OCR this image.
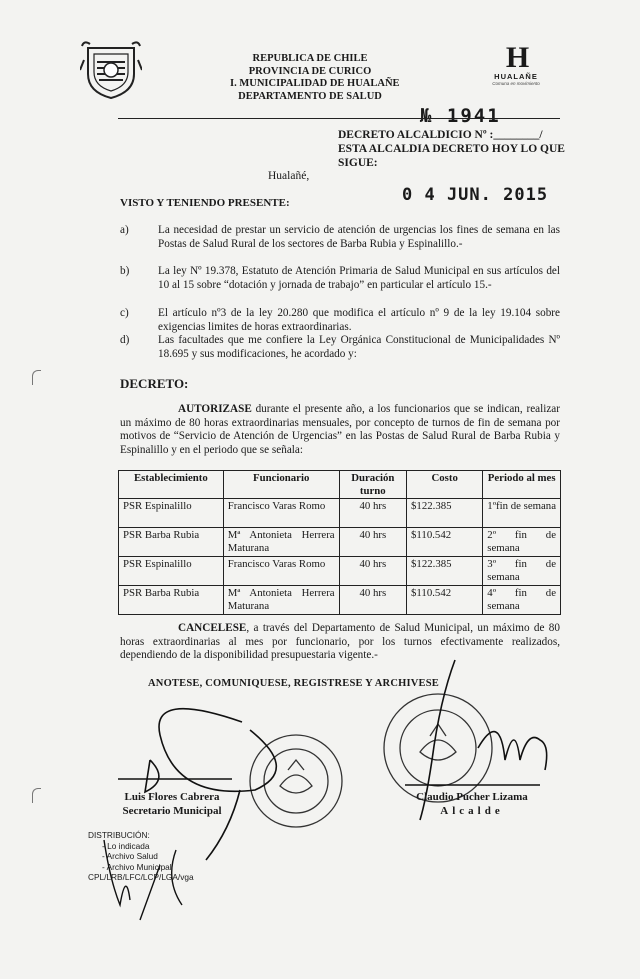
REPUBLICA DE CHILE
PROVINCIA DE CURICO
I. MUNICIPALIDAD DE HUALAÑE
DEPARTAMENTO DE SALUD
H
HUALAÑE
Comuna en movimiento
№ 1941
DECRETO ALCALDICIO Nº :________/
ESTA ALCALDIA DECRETO HOY LO QUE
SIGUE:
Hualañé,
0 4 JUN. 2015
VISTO Y TENIENDO PRESENTE:
a)	La necesidad de prestar un servicio de atención de urgencias los fines de semana en las Postas de Salud Rural de los sectores de Barba Rubia y Espinalillo.-
b)	La ley Nº 19.378, Estatuto de Atención Primaria de Salud Municipal en sus artículos del 10 al 15 sobre “dotación y jornada de trabajo” en particular el artículo 15.-
c)	El artículo nº3 de la ley 20.280 que modifica el artículo nº 9 de la ley 19.104 sobre exigencias limites de horas extraordinarias.
d)	Las facultades que me confiere la Ley Orgánica Constitucional de Municipalidades Nº 18.695 y sus modificaciones, he acordado y:
DECRETO:
AUTORIZASE durante el presente año, a los funcionarios que se indican, realizar un máximo de 80 horas extraordinarias mensuales, por concepto de turnos de fin de semana por motivos de “Servicio de Atención de Urgencias” en las Postas de Salud Rural de Barba Rubia y Espinalillo y en el periodo que se señala:
Establecimiento	Funcionario	Duración turno	Costo	Periodo al mes
PSR Espinalillo	Francisco Varas Romo	40 hrs	$122.385	1ºfin de semana
PSR Barba Rubia	Mª Antonieta Herrera Maturana	40 hrs	$110.542	2º fin de semana
PSR Espinalillo	Francisco Varas Romo	40 hrs	$122.385	3º fin de semana
PSR Barba Rubia	Mª Antonieta Herrera Maturana	40 hrs	$110.542	4º fin de semana
CANCELESE, a través del Departamento de Salud Municipal, un máximo de 80 horas extraordinarias al mes por funcionario, por los turnos efectivamente realizados, dependiendo de la disponibilidad presupuestaria vigente.-
ANOTESE, COMUNIQUESE, REGISTRESE Y ARCHIVESE
Luis Flores Cabrera
Secretario Municipal
Claudio Pucher Lizama
Alcalde
DISTRIBUCIÓN:
- Lo indicada
- Archivo Salud
- Archivo Municipal
CPL/LRB/LFC/LCP/LGA/vga
